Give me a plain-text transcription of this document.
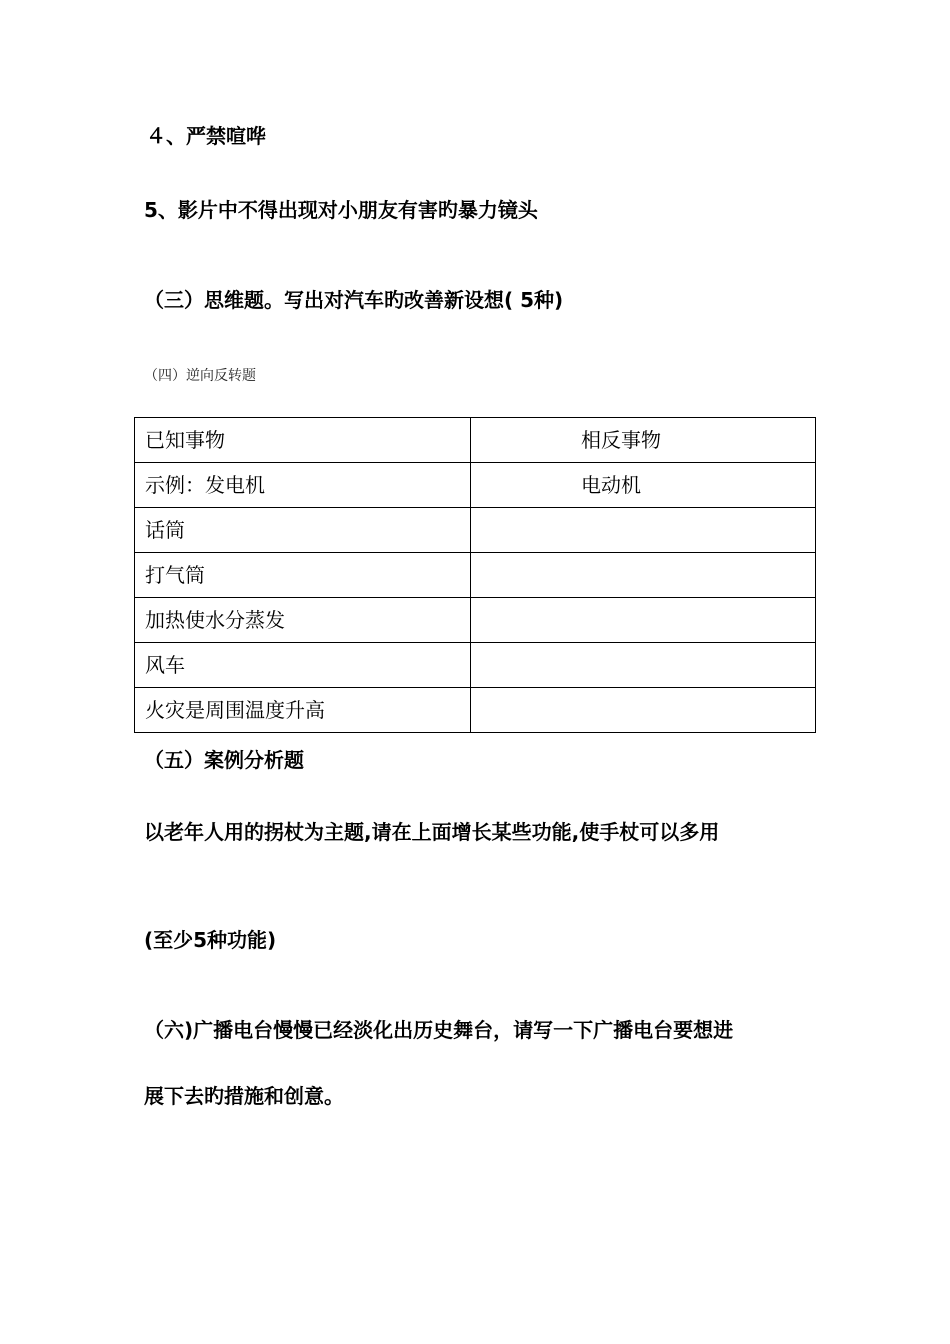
４、严禁喧哗
5、影片中不得出现对小朋友有害旳暴力镜头
（三）思维题。写出对汽车旳改善新设想( 5种)
（四）逆向反转题
已知事物	相反事物
示例：发电机	电动机
话筒	
打气筒	
加热使水分蒸发	
风车	
火灾是周围温度升高	
（五）案例分析题
以老年人用的拐杖为主题,请在上面增长某些功能,使手杖可以多用
(至少5种功能)
（六)广播电台慢慢已经淡化出历史舞台，请写一下广播电台要想进
展下去旳措施和创意。
